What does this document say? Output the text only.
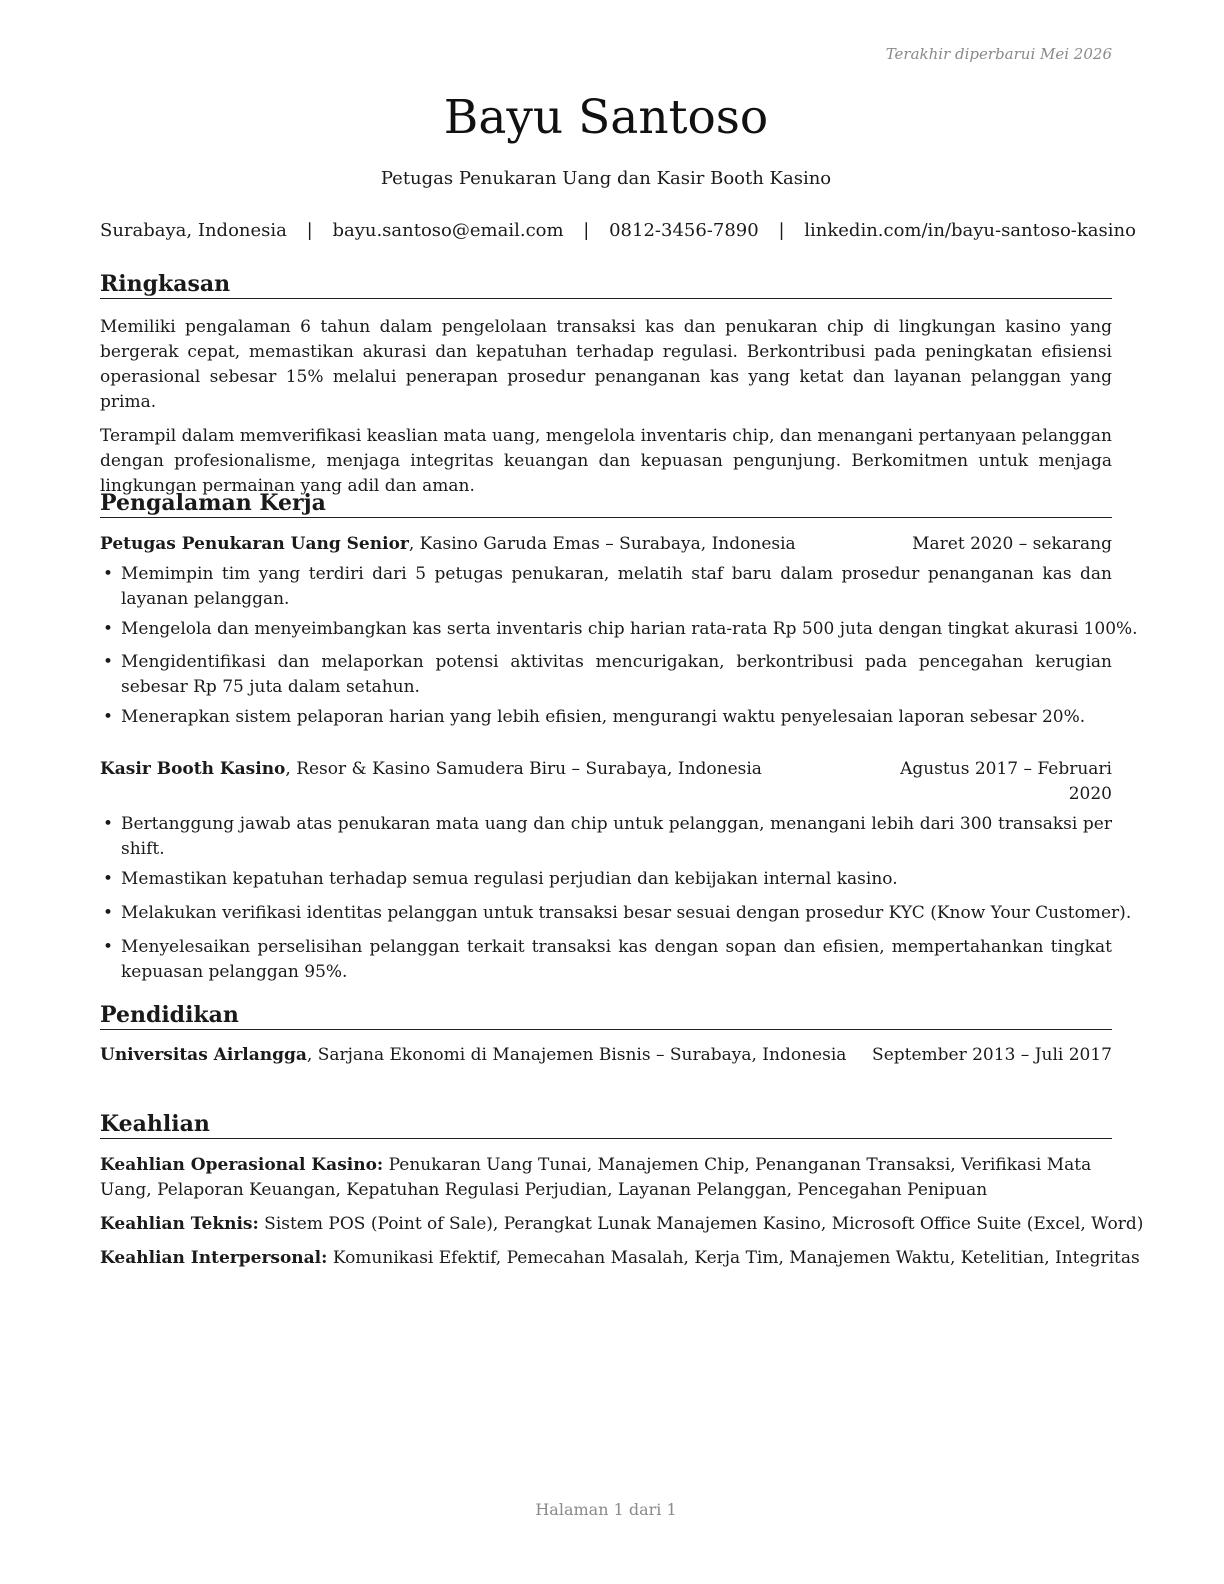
Terakhir diperbarui Mei 2026
Bayu Santoso
Petugas Penukaran Uang dan Kasir Booth Kasino
Surabaya, Indonesia | bayu.santoso@email.com | 0812-3456-7890 | linkedin.com/in/bayu-santoso-kasino
Ringkasan

Memiliki pengalaman 6 tahun dalam pengelolaan transaksi kas dan penukaran chip di lingkungan kasino yang bergerak cepat, memastikan akurasi dan kepatuhan terhadap regulasi. Berkontribusi pada peningkatan efisiensi operasional sebesar 15% melalui penerapan prosedur penanganan kas yang ketat dan layanan pelanggan yang prima.

Terampil dalam memverifikasi keaslian mata uang, mengelola inventaris chip, dan menangani pertanyaan pelanggan dengan profesionalisme, menjaga integritas keuangan dan kepuasan pengunjung. Berkomitmen untuk menjaga lingkungan permainan yang adil dan aman.

Pengalaman Kerja
Petugas Penukaran Uang Senior, Kasino Garuda Emas – Surabaya, Indonesia	Maret 2020 – sekarang
• Memimpin tim yang terdiri dari 5 petugas penukaran, melatih staf baru dalam prosedur penanganan kas dan layanan pelanggan.
• Mengelola dan menyeimbangkan kas serta inventaris chip harian rata-rata Rp 500 juta dengan tingkat akurasi 100%.
• Mengidentifikasi dan melaporkan potensi aktivitas mencurigakan, berkontribusi pada pencegahan kerugian sebesar Rp 75 juta dalam setahun.
• Menerapkan sistem pelaporan harian yang lebih efisien, mengurangi waktu penyelesaian laporan sebesar 20%.
Kasir Booth Kasino, Resor & Kasino Samudera Biru – Surabaya, Indonesia	Agustus 2017 – Februari 2020
• Bertanggung jawab atas penukaran mata uang dan chip untuk pelanggan, menangani lebih dari 300 transaksi per shift.
• Memastikan kepatuhan terhadap semua regulasi perjudian dan kebijakan internal kasino.
• Melakukan verifikasi identitas pelanggan untuk transaksi besar sesuai dengan prosedur KYC (Know Your Customer).
• Menyelesaikan perselisihan pelanggan terkait transaksi kas dengan sopan dan efisien, mempertahankan tingkat kepuasan pelanggan 95%.
Pendidikan
Universitas Airlangga, Sarjana Ekonomi di Manajemen Bisnis – Surabaya, Indonesia	September 2013 – Juli 2017
Keahlian

Keahlian Operasional Kasino: Penukaran Uang Tunai, Manajemen Chip, Penanganan Transaksi, Verifikasi Mata Uang, Pelaporan Keuangan, Kepatuhan Regulasi Perjudian, Layanan Pelanggan, Pencegahan Penipuan

Keahlian Teknis: Sistem POS (Point of Sale), Perangkat Lunak Manajemen Kasino, Microsoft Office Suite (Excel, Word)

Keahlian Interpersonal: Komunikasi Efektif, Pemecahan Masalah, Kerja Tim, Manajemen Waktu, Ketelitian, Integritas

Halaman 1 dari 1
